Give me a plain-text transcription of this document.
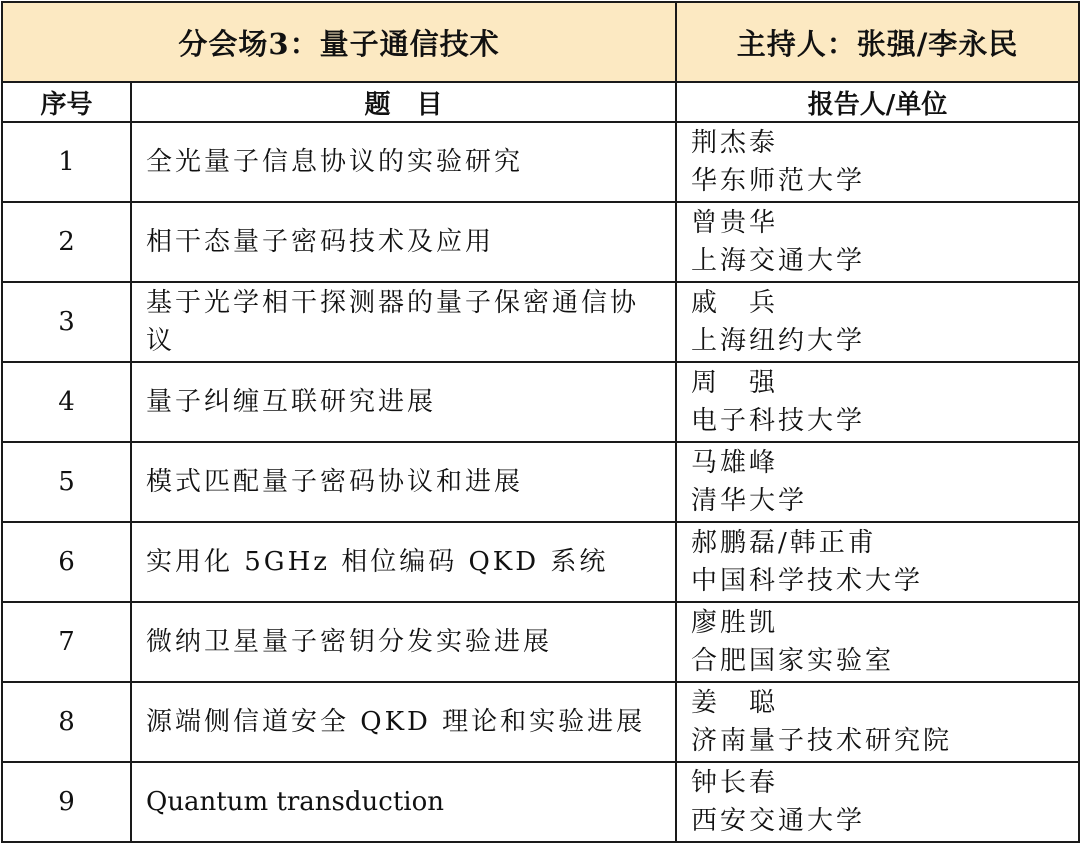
分会场3：量子通信技术		主持人：张强/李永民
序号	题　目	报告人/单位
1	全光量子信息协议的实验研究	荆杰泰
华东师范大学

2	相干态量子密码技术及应用	曾贵华
上海交通大学

3	基于光学相干探测器的量子保密通信协议	戚　兵
上海纽约大学

4	量子纠缠互联研究进展	周　强
电子科技大学

5	模式匹配量子密码协议和进展	马雄峰
清华大学

6	实用化 5GHz 相位编码 QKD 系统	郝鹏磊/韩正甫
中国科学技术大学

7	微纳卫星量子密钥分发实验进展	廖胜凯
合肥国家实验室

8	源端侧信道安全 QKD 理论和实验进展	姜　聪
济南量子技术研究院

9	Quantum transduction	钟长春
西安交通大学
